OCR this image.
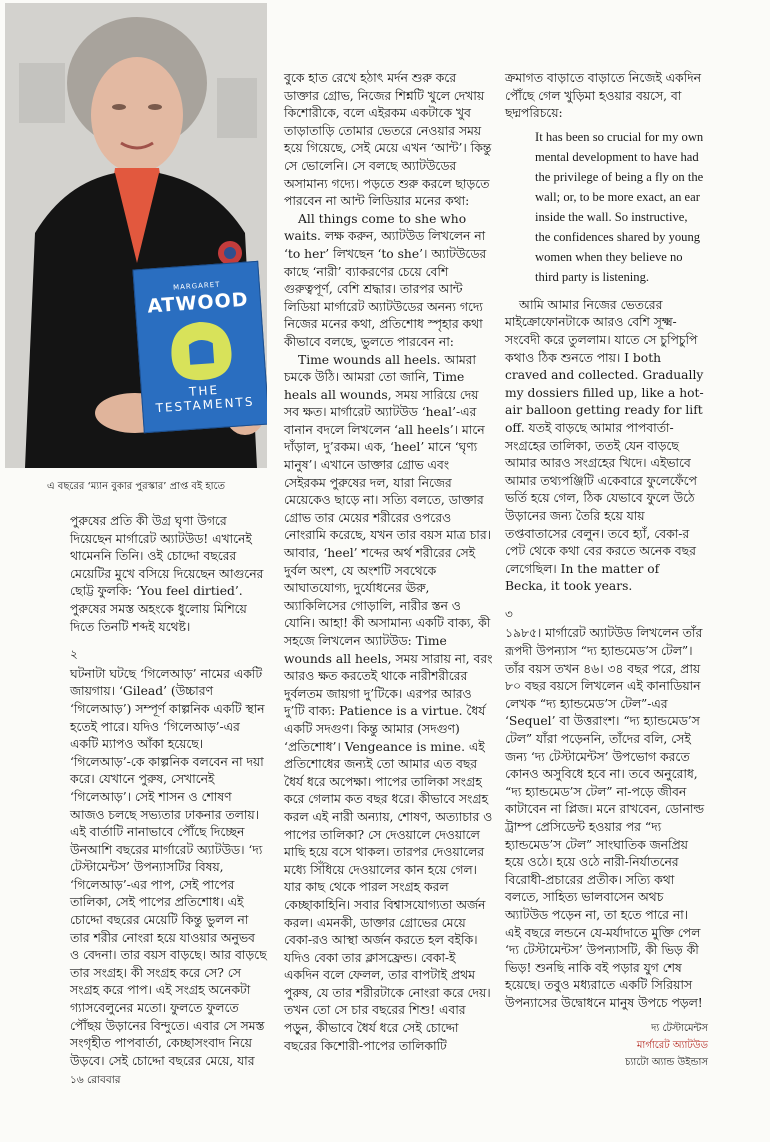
MARGARET
ATWOOD
THE TESTAMENTS
এ বছরের ‘ম্যান বুকার পুরস্কার’ প্রাপ্ত বই হাতে

পুরুষের প্রতি কী উগ্র ঘৃণা উগরে দিয়েছেন মার্গারেট অ্যাটউড! এখানেই থামেননি তিনি। ওই চোদ্দো বছরের মেয়েটির মুখে বসিয়ে দিয়েছেন আগুনের ছোট্ট ফুলকি: ‘You feel dirtied’. পুরুষের সমস্ত অহংকে ধুলোয় মিশিয়ে দিতে তিনটি শব্দই যথেষ্ট।

২

ঘটনাটা ঘটছে ‘গিলেআড়’ নামের একটি জায়গায়। ‘Gilead’ (উচ্চারণ ‘গিলেআড়’) সম্পূর্ণ কাল্পনিক একটি স্থান হতেই পারে। যদিও ‘গিলেআড়’-এর একটি ম্যাপও আঁকা হয়েছে। ‘গিলেআড়’-কে কাল্পনিক বলবেন না দয়া করে। যেখানে পুরুষ, সেখানেই ‘গিলেআড়’। সেই শাসন ও শোষণ আজও চলছে সভ্যতার ঢাকনার তলায়। এই বার্তাটি নানাভাবে পৌঁছে দিচ্ছেন উনআশি বছরের মার্গারেট অ্যাটউড। ‘দ্য টেস্টামেন্টস’ উপন্যাসটির বিষয়, ‘গিলেআড়’-এর পাপ, সেই পাপের তালিকা, সেই পাপের প্রতিশোধ। এই চোদ্দো বছরের মেয়েটি কিন্তু ভুলল না তার শরীর নোংরা হয়ে যাওয়ার অনুভব ও বেদনা। তার বয়স বাড়ছে। আর বাড়ছে তার সংগ্রহ। কী সংগ্রহ করে সে? সে সংগ্রহ করে পাপ। এই সংগ্রহ অনেকটা গ্যাসবেলুনের মতো। ফুলতে ফুলতে পৌঁছয় উড়ানের বিন্দুতে। এবার সে সমস্ত সংগৃহীত পাপবার্তা, কেচ্ছাসংবাদ নিয়ে উড়বে। সেই চোদ্দো বছরের মেয়ে, যার

বুকে হাত রেখে হঠাৎ মর্দন শুরু করে ডাক্তার গ্রোভ, নিজের শিশ্নটি খুলে দেখায় কিশোরীকে, বলে এইরকম একটাকে খুব তাড়াতাড়ি তোমার ভেতরে নেওয়ার সময় হয়ে গিয়েছে, সেই মেয়ে এখন ‘আন্ট’। কিন্তু সে ভোলেনি। সে বলছে অ্যাটউডের অসামান্য গদ্যে। পড়তে শুরু করলে ছাড়তে পারবেন না আন্ট লিডিয়ার মনের কথা:

All things come to she who waits. লক্ষ করুন, অ্যাটউড লিখলেন না ‘to her’ লিখছেন ‘to she’। অ্যাটউডের কাছে ‘নারী’ ব্যাকরণের চেয়ে বেশি গুরুত্বপূর্ণ, বেশি শ্রদ্ধার। তারপর আন্ট লিডিয়া মার্গারেট অ্যাটউডের অনন্য গদ্যে নিজের মনের কথা, প্রতিশোধ স্পৃহার কথা কীভাবে বলছে, ভুলতে পারবেন না:

Time wounds all heels. আমরা চমকে উঠি। আমরা তো জানি, Time heals all wounds, সময় সারিয়ে দেয় সব ক্ষত। মার্গারেট অ্যাটউড ‘heal’-এর বানান বদলে লিখলেন ‘all heels’। মানে দাঁড়াল, দু’রকম। এক, ‘heel’ মানে ‘ঘৃণ্য মানুষ’। এখানে ডাক্তার গ্রোভ এবং সেইরকম পুরুষের দল, যারা নিজের মেয়েকেও ছাড়ে না। সত্যি বলতে, ডাক্তার গ্রোভ তার মেয়ের শরীরের ওপরেও নোংরামি করেছে, যখন তার বয়স মাত্র চার। আবার, ‘heel’ শব্দের অর্থ শরীরের সেই দুর্বল অংশ, যে অংশটি সবথেকে আঘাতযোগ্য, দুর্যোধনের ঊরু, অ্যাকিলিসের গোড়ালি, নারীর স্তন ও যোনি। আহা! কী অসামান্য একটি বাক্য, কী সহজে লিখলেন অ্যাটউড: Time wounds all heels, সময় সারায় না, বরং আরও ক্ষত করতেই থাকে নারীশরীরের দুর্বলতম জায়গা দু’টিকে। এরপর আরও দু’টি বাক্য: Patience is a virtue. ধৈর্য একটি সদগুণ। কিন্তু আমার (সদগুণ) ‘প্রতিশোধ’। Vengeance is mine. এই প্রতিশোধের জন্যই তো আমার এত বছর ধৈর্য ধরে অপেক্ষা। পাপের তালিকা সংগ্রহ করে গেলাম কত বছর ধরে। কীভাবে সংগ্রহ করল এই নারী অন্যায়, শোষণ, অত্যাচার ও পাপের তালিকা? সে দেওয়ালে দেওয়ালে মাছি হয়ে বসে থাকল। তারপর দেওয়ালের মধ্যে সিঁধিয়ে দেওয়ালের কান হয়ে গেল। যার কাছ থেকে পারল সংগ্রহ করল কেচ্ছাকাহিনি। সবার বিশ্বাসযোগ্যতা অর্জন করল। এমনকী, ডাক্তার গ্রোভের মেয়ে বেকা-রও আস্থা অর্জন করতে হল বইকি। যদিও বেকা তার ক্লাসফ্রেন্ড। বেকা-ই একদিন বলে ফেলল, তার বাপটাই প্রথম পুরুষ, যে তার শরীরটাকে নোংরা করে দেয়। তখন তো সে চার বছরের শিশু! এবার পড়ুন, কীভাবে ধৈর্য ধরে সেই চোদ্দো বছরের কিশোরী-পাপের তালিকাটি

ক্রমাগত বাড়াতে বাড়াতে নিজেই একদিন পৌঁছে গেল খুড়িমা হওয়ার বয়সে, বা ছদ্মপরিচয়ে:

It has been so crucial for my own mental development to have had the privilege of being a fly on the wall; or, to be more exact, an ear inside the wall. So instructive, the confidences shared by young women when they believe no third party is listening.

আমি আমার নিজের ভেতরের মাইক্রোফোনটাকে আরও বেশি সূক্ষ্ম-সংবেদী করে তুললাম। যাতে সে চুপিচুপি কথাও ঠিক শুনতে পায়। I both craved and collected. Gradually my dossiers filled up, like a hot-air balloon getting ready for lift off. যতই বাড়ছে আমার পাপবার্তা-সংগ্রহের তালিকা, ততই যেন বাড়ছে আমার আরও সংগ্রহের খিদে। এইভাবে আমার তথ্যপঞ্জিটি একেবারে ফুলেফেঁপে ভর্তি হয়ে গেল, ঠিক যেভাবে ফুলে উঠে উড়ানের জন্য তৈরি হয়ে যায় তপ্তবাতাসের বেলুন। তবে হ্যাঁ, বেকা-র পেট থেকে কথা বের করতে অনেক বছর লেগেছিল। In the matter of Becka, it took years.

৩

১৯৮৫। মার্গারেট অ্যাটউড লিখলেন তাঁর রূপদী উপন্যাস “দ্য হ্যান্ডমেড’স টেল”। তাঁর বয়স তখন ৪৬। ৩৪ বছর পরে, প্রায় ৮০ বছর বয়সে লিখলেন এই কানাডিয়ান লেখক “দ্য হ্যান্ডমেড’স টেল”-এর ‘Sequel’ বা উত্তরাংশ। “দ্য হ্যান্ডমেড’স টেল” যাঁরা পড়েননি, তাঁদের বলি, সেই জন্য ‘দ্য টেস্টামেন্টস’ উপভোগ করতে কোনও অসুবিধে হবে না। তবে অনুরোধ, “দ্য হ্যান্ডমেড’স টেল” না-পড়ে জীবন কাটাবেন না প্লিজ। মনে রাখবেন, ডোনাল্ড ট্রাম্প প্রেসিডেন্ট হওয়ার পর “দ্য হ্যান্ডমেড’স টেল” সাংঘাতিক জনপ্রিয় হয়ে ওঠে। হয়ে ওঠে নারী-নির্যাতনের বিরোধী-প্রচারের প্রতীক। সত্যি কথা বলতে, সাহিত্য ভালবাসেন অথচ অ্যাটউড পড়েন না, তা হতে পারে না। এই বছরে লন্ডনে যে-মর্যাদাতে মুক্তি পেল ‘দ্য টেস্টামেন্টস’ উপন্যাসটি, কী ভিড় কী ভিড়! শুনছি নাকি বই পড়ার যুগ শেষ হয়েছে। তবুও মধ্যরাতে একটি সিরিয়াস উপন্যাসের উদ্বোধনে মানুষ উপচে পড়ল!

দ্য টেস্টামেন্টস
মার্গারেট অ্যাটউড
চ্যাটো অ্যান্ড উইন্ডাস
১৬ রোববার
